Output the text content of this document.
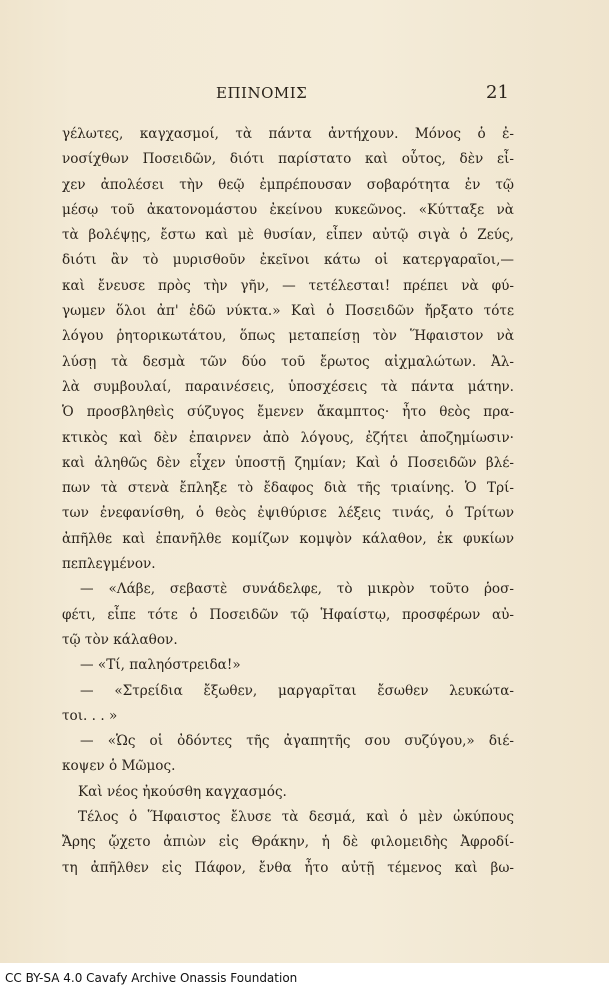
ΕΠΙΝΟΜΙΣ	21
γέλωτες, καγχασμοί, τὰ πάντα ἀντήχουν. Μόνος ὁ ἐ-
νοσίχθων Ποσειδῶν, διότι παρίστατο καὶ οὗτος, δὲν εἶ-
χεν ἀπολέσει τὴν θεῷ ἐμπρέπουσαν σοβαρότητα ἐν τῷ
μέσῳ τοῦ ἀκατονομάστου ἐκείνου κυκεῶνος. «Κύτταξε νὰ
τὰ βολέψῃς, ἔστω καὶ μὲ θυσίαν, εἶπεν αὐτῷ σιγὰ ὁ Ζεύς,
διότι ἂν τὸ μυρισθοῦν ἐκεῖνοι κάτω οἱ κατεργαραῖοι,—
καὶ ἔνευσε πρὸς τὴν γῆν, — τετέλεσται! πρέπει νὰ φύ-
γωμεν ὅλοι ἀπ' ἐδῶ νύκτα.» Καὶ ὁ Ποσειδῶν ἤρξατο τότε
λόγου ῥητορικωτάτου, ὅπως μεταπείσῃ τὸν Ἥφαιστον νὰ
λύσῃ τὰ δεσμὰ τῶν δύο τοῦ ἔρωτος αἰχμαλώτων. Ἀλ-
λὰ συμβουλαί, παραινέσεις, ὑποσχέσεις τὰ πάντα μάτην.
Ὁ προσβληθεὶς σύζυγος ἔμενεν ἄκαμπτος· ἦτο θεὸς πρα-
κτικὸς καὶ δὲν ἐπαιρνεν ἀπὸ λόγους, ἐζήτει ἀποζημίωσιν·
καὶ ἀληθῶς δὲν εἶχεν ὑποστῇ ζημίαν; Καὶ ὁ Ποσειδῶν βλέ-
πων τὰ στενὰ ἔπληξε τὸ ἔδαφος διὰ τῆς τριαίνης. Ὁ Τρί-
των ἐνεφανίσθη, ὁ θεὸς ἐψιθύρισε λέξεις τινάς, ὁ Τρίτων
ἀπῆλθε καὶ ἐπανῆλθε κομίζων κομψὸν κάλαθον, ἐκ φυκίων
πεπλεγμένον.
— «Λάβε, σεβαστὲ συνάδελφε, τὸ μικρὸν τοῦτο ῥοσ-
φέτι, εἶπε τότε ὁ Ποσειδῶν τῷ Ἡφαίστῳ, προσφέρων αὐ-
τῷ τὸν κάλαθον.
— «Τί, παληόστρειδα!»
— «Στρείδια ἔξωθεν, μαργαρῖται ἔσωθεν λευκώτα-
τοι. . . »
— «Ὡς οἱ ὀδόντες τῆς ἀγαπητῆς σου συζύγου,» διέ-
κοψεν ὁ Μῶμος.
Καὶ νέος ἠκούσθη καγχασμός.
Τέλος ὁ Ἥφαιστος ἔλυσε τὰ δεσμά, καὶ ὁ μὲν ὠκύπους
Ἄρης ᾤχετο ἀπιὼν εἰς Θράκην, ἡ δὲ φιλομειδὴς Ἀφροδί-
τη ἀπῆλθεν εἰς Πάφον, ἔνθα ἦτο αὐτῇ τέμενος καὶ βω-
CC BY-SA 4.0 Cavafy Archive Onassis Foundation
